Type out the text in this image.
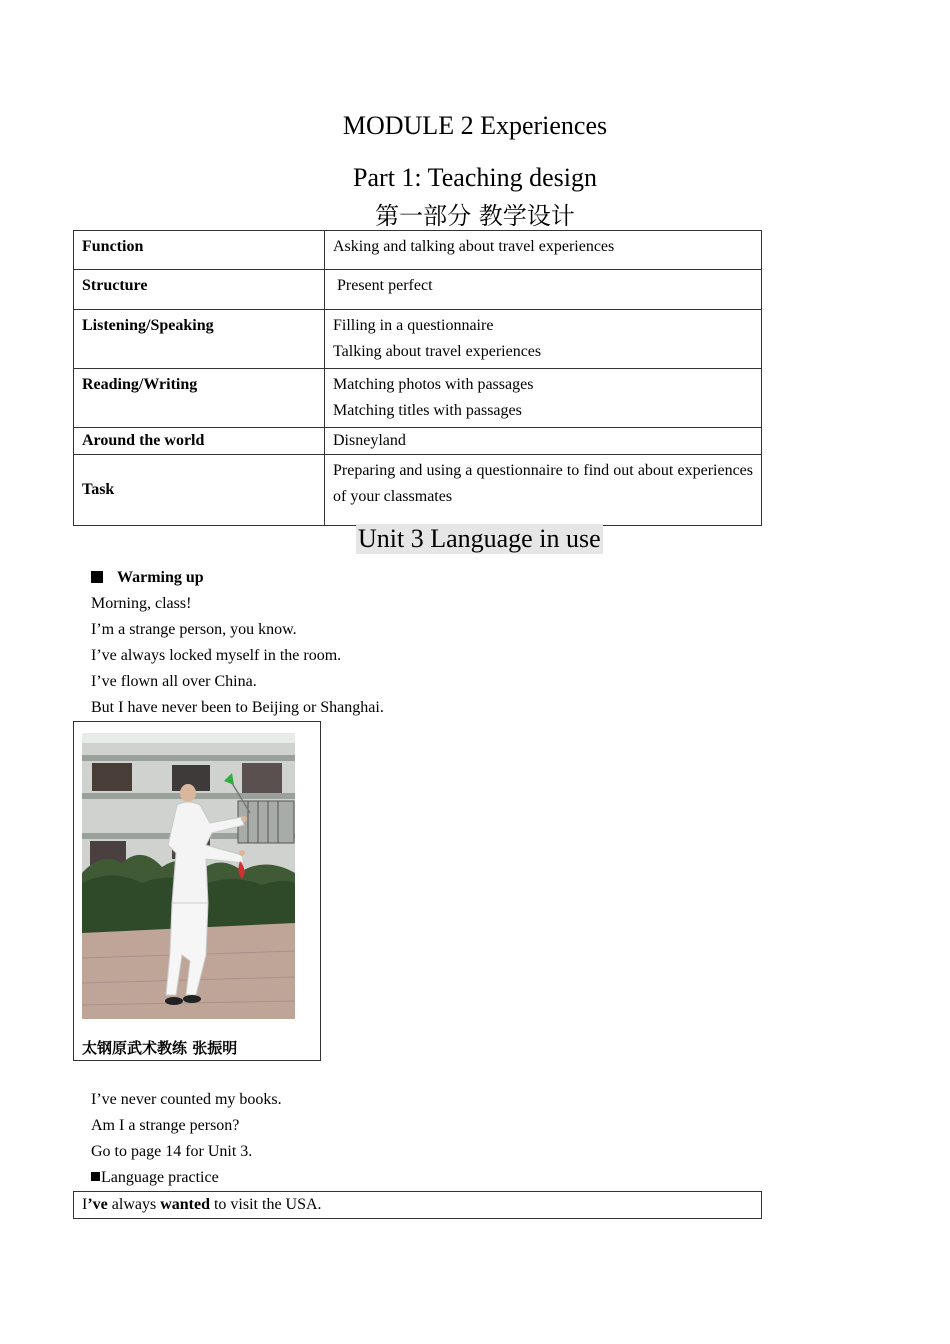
MODULE 2 Experiences
Part 1: Teaching design
第一部分 教学设计
Function	Asking and talking about travel experiences

Structure	Present perfect

Listening/Speaking	Filling in a questionnaire
Talking about travel experiences

Reading/Writing	Matching photos with passages
Matching titles with passages

Around the world	Disneyland

Task	Preparing and using a questionnaire to find out about experiences of your classmates
Unit 3 Language in use
Warming up
Morning, class!
I’m a strange person, you know.
I’ve always locked myself in the room.
I’ve flown all over China.
But I have never been to Beijing or Shanghai.
太钢原武术教练 张振明
I’ve never counted my books.
Am I a strange person?
Go to page 14 for Unit 3.
Language practice
I’ve always wanted to visit the USA.
